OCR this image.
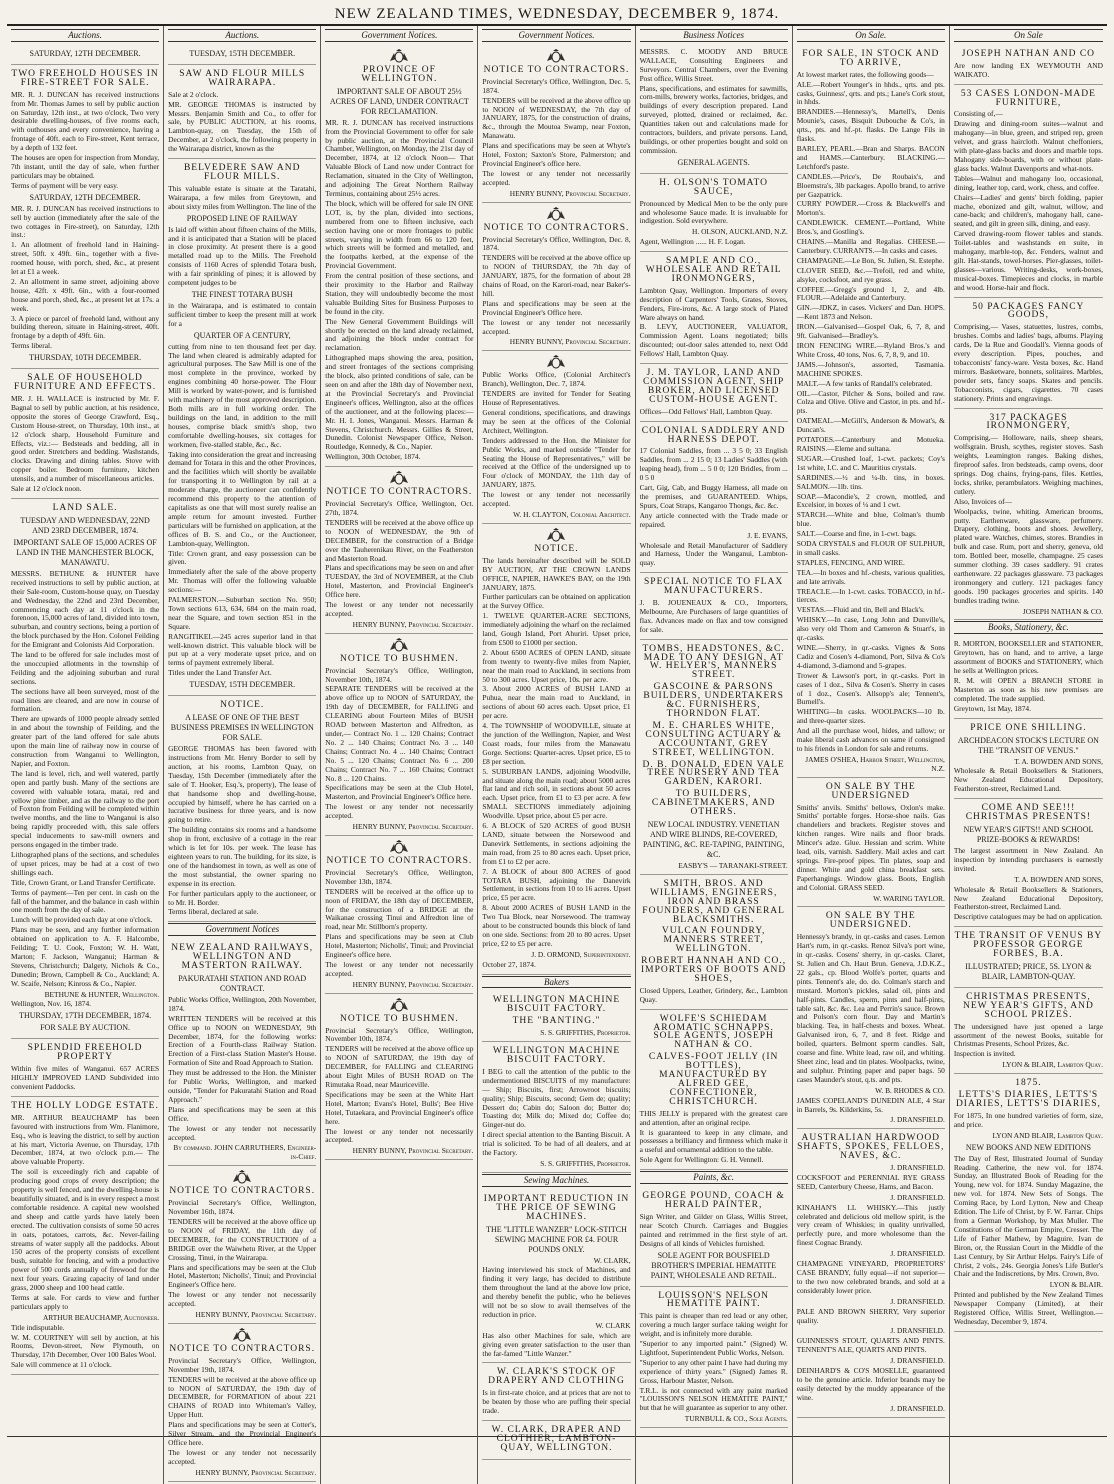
NEW ZEALAND TIMES, WEDNESDAY, DECEMBER 9, 1874.
Auctions.
SATURDAY, 12TH DECEMBER.
TWO FREEHOLD HOUSES IN FIRE-STREET FOR SALE.

MR. R. J. DUNCAN has received instructions from Mr. Thomas James to sell by public auction on Saturday, 12th inst., at two o'clock, Two very desirable dwelling-houses, of five rooms each, with outhouses and every convenience, having a frontage of 40ft. each to Fire-street, Kent terrace, by a depth of 132 feet.

The houses are open for inspection from Monday, 7th instant, until the day of sale, when further particulars may be obtained.

Terms of payment will be very easy.

SATURDAY, 12TH DECEMBER.

MR. R. J. DUNCAN has received instructions to sell by auction (immediately after the sale of the two cottages in Fire-street), on Saturday, 12th inst.:

1. An allotment of freehold land in Haining-street, 50ft. x 49ft. 6in., together with a five-roomed house, with porch, shed, &c., at present let at £1 a week.

2. An allotment in same street, adjoining above house, 42ft. x 49ft. 6in., with a four-roomed house and porch, shed, &c., at present let at 17s. a week.

3. A piece or parcel of freehold land, without any building thereon, situate in Haining-street, 40ft. frontage by a depth of 49ft. 6in.

Terms liberal.

THURSDAY, 10TH DECEMBER.
SALE OF HOUSEHOLD FURNITURE AND EFFECTS.

MR. J. H. WALLACE is instructed by Mr. F. Bagnal to sell by public auction, at his residence, opposite the stores of George Crawford, Esq., Custom House-street, on Thursday, 10th inst., at 12 o'clock sharp, Household Furniture and Effects, viz.:— Bedsteads and bedding, all in good order. Stretchers and bedding. Washstands, clocks. Drawing and dining tables. Stove with copper boiler. Bedroom furniture, kitchen utensils, and a number of miscellaneous articles.

Sale at 12 o'clock noon.

LAND SALE.
TUESDAY AND WEDNESDAY, 22ND AND 23RD DECEMBER, 1874.
IMPORTANT SALE OF 15,000 ACRES OF LAND IN THE MANCHESTER BLOCK, MANAWATU.

MESSRS. BETHUNE & HUNTER have received instructions to sell by public auction, at their Sale-room, Custom-house quay, on Tuesday and Wednesday, the 22nd and 23rd December, commencing each day at 11 o'clock in the forenoon, 15,000 acres of land, divided into town, suburban, and country sections, being a portion of the block purchased by the Hon. Colonel Feilding for the Emigrant and Colonists Aid Corporation.

The land to be offered for sale includes most of the unoccupied allotments in the township of Feilding and the adjoining suburban and rural sections.

The sections have all been surveyed, most of the road lines are cleared, and are now in course of formation.

There are upwards of 1000 people already settled in and about the township of Feilding, and the greater part of the land offered for sale abuts upon the main line of railway now in course of construction from Wanganui to Wellington, Napier, and Foxton.

The land is level, rich, and well watered, partly open and partly bush. Many of the sections are covered with valuable totara, matai, red and yellow pine timber, and as the railway to the port of Foxton from Feilding will be completed within twelve months, and the line to Wanganui is also being rapidly proceeded with, this sale offers special inducements to saw-mill owners and persons engaged in the timber trade.

Lithographed plans of the sections, and schedules of upset prices, may be had at a cost of two shillings each.

Title, Crown Grant, or Land Transfer Certificate.

Terms of payment—Ten per cent. in cash on the fall of the hammer, and the balance in cash within one month from the day of sale.

Lunch will be provided each day at one o'clock.

Plans may be seen, and any further information obtained on application to A. F. Halcombe, Feilding; T. U. Cook, Foxton; W. H. Watt, Marton; F. Jackson, Wanganui; Harman & Stevens, Christchurch; Dalgety, Nichols & Co., Dunedin; Brown, Campbell & Co., Auckland; A. W. Scaife, Nelson; Kinross & Co., Napier.

BETHUNE & HUNTER, Wellington.

Wellington, Nov. 16, 1874.

THURSDAY, 17TH DECEMBER, 1874.
FOR SALE BY AUCTION.
SPLENDID FREEHOLD PROPERTY

Within five miles of Wanganui. 657 ACRES HIGHLY IMPROVED LAND Subdivided into convenient Paddocks.

THE HOLLY LODGE ESTATE.

MR. ARTHUR BEAUCHAMP has been favoured with instructions from Wm. Flanimore, Esq., who is leaving the district, to sell by auction at his mart, Victoria Avenue, on Thursday, 17th December, 1874, at two o'clock p.m.— The above valuable Property.

The soil is exceedingly rich and capable of producing good crops of every description; the property is well fenced, and the dwelling-house is beautifully situated, and is in every respect a most comfortable residence. A capital new woolshed and sheep and cattle yards have lately been erected. The cultivation consists of some 50 acres in oats, potatoes, carrots, &c. Never-failing streams of water supply all the paddocks. About 150 acres of the property consists of excellent bush, suitable for fencing, and with a productive power of 500 cords annually of firewood for the next four years. Grazing capacity of land under grass, 2000 sheep and 100 head cattle.

Terms at sale. For cards to view and further particulars apply to

ARTHUR BEAUCHAMP, Auctioneer.

Title indisputable.

W. M. COURTNEY will sell by auction, at his Rooms, Devon-street, New Plymouth, on Thursday, 17th December, Over 100 Bales Wool.

Sale will commence at 11 o'clock.

Auctions.
TUESDAY, 15TH DECEMBER.
SAW AND FLOUR MILLS WAIRARAPA.

Sale at 2 o'clock.

MR. GEORGE THOMAS is instructed by Messrs. Benjamin Smith and Co., to offer for sale, by PUBLIC AUCTION, at his rooms, Lambton-quay, on Tuesday, the 15th of December, at 2 o'clock, the following property in the Wairarapa district, known as the

BELVEDERE SAW AND FLOUR MILLS.

This valuable estate is situate at the Taratahi, Wairarapa, a few miles from Greytown, and about sixty miles from Wellington. The line of the

PROPOSED LINE OF RAILWAY

Is laid off within about fifteen chains of the Mills, and it is anticipated that a Station will be placed in close proximity. At present there is a good metalled road up to the Mills. The Freehold consists of 1160 Acres of splendid Totara bush, with a fair sprinkling of pines; it is allowed by competent judges to be

THE FINEST TOTARA BUSH

in the Wairarapa, and is estimated to contain sufficient timber to keep the present mill at work for a

QUARTER OF A CENTURY,

cutting from nine to ten thousand feet per day. The land when cleared is admirably adapted for agricultural purposes. The Saw Mill is one of the most complete in the province, worked by engines combining 40 horse-power. The Flour Mill is worked by water-power, and is furnished with machinery of the most approved description. Both mills are in full working order. The buildings on the land, in addition to the mill houses, comprise black smith's shop, two comfortable dwelling-houses, six cottages for workmen, five-stalled stable, &c., &c.

Taking into consideration the great and increasing demand for Totara in this and the other Provinces, and the facilities which will shortly be available for transporting it to Wellington by rail at a moderate charge, the auctioneer can confidently recommend this property to the attention of capitalists as one that will most surely realise an ample return for amount invested. Further particulars will be furnished on application, at the offices of B. S. and Co., or the Auctioneer, Lambton-quay, Wellington.

Title: Crown grant, and easy possession can be given.

Immediately after the sale of the above property Mr. Thomas will offer the following valuable sections:—

PALMERSTON.—Suburban section No. 950; Town sections 613, 634, 684 on the main road, near the Square, and town section 851 in the Square.

RANGITIKEI.—245 acres superior land in that well-known district. This valuable block will be put up at a very moderate upset price, and on terms of payment extremely liberal.

Titles under the Land Transfer Act.

TUESDAY, 15TH DECEMBER.
NOTICE.
A LEASE OF ONE OF THE BEST BUSINESS PREMISES IN WELLINGTON FOR SALE.

GEORGE THOMAS has been favored with instructions from Mr. Henry Border to sell by auction, at his rooms, Lambton Quay, on Tuesday, 15th December (immediately after the sale of T. Hooker, Esq.'s, property), The lease of that handsome shop and dwelling-house, occupied by himself, where he has carried on a lucrative business for three years, and is now going to retire.

The building contains six rooms and a handsome shop in front, exclusive of a cottage in the rear which is let for 10s. per week. The lease has eighteen years to run. The building, for its size, is one of the handsomest in town, as well as one of the most substantial, the owner sparing no expense in its erection.

For further particulars apply to the auctioneer, or to Mr. H. Border.

Terms liberal, declared at sale.

Government Notices
NEW ZEALAND RAILWAYS, WELLINGTON AND MASTERTON RAILWAY.
PAKURATAHI STATION AND ROAD CONTRACT.

Public Works Office, Wellington, 20th November, 1874.

WRITTEN TENDERS will be received at this Office up to NOON on WEDNESDAY, 9th December, 1874, for the following works: Erection of a Fourth-class Railway Station. Erection of a First-class Station Master's House. Formation of Site and Road Approach to Station.

They must be addressed to the Hon. the Minister for Public Works, Wellington, and marked outside, "Tender for Pakuratahi Station and Road Approach."

Plans and specifications may be seen at this Office.

The lowest or any tender not necessarily accepted.

By command. JOHN CARRUTHERS, Engineer-in-Chief.
NOTICE TO CONTRACTORS.

Provincial Secretary's Office, Wellington, November 16th, 1874.

TENDERS will be received at the above office up to NOON of FRIDAY, the 11th day of DECEMBER, for the CONSTRUCTION of a BRIDGE over the Waiwhetu River, at the Upper Crossing, Tinui, in the Wairarapa.

Plans and specifications may be seen at the Club Hotel, Masterton; Nicholls', Tinui; and Provincial Engineer's Office here.

The lowest or any tender not necessarily accepted.

HENRY BUNNY, Provincial Secretary.
NOTICE TO CONTRACTORS.

Provincial Secretary's Office, Wellington, November 19th, 1874.

TENDERS will be received at the above office up to NOON of SATURDAY, the 19th day of DECEMBER, for FORMATION of about 221 CHAINS of ROAD into Whiteman's Valley, Upper Hutt.

Plans and specifications may be seen at Cotter's, Silver Stream, and the Provincial Engineer's Office here.

The lowest or any tender not necessarily accepted.

HENRY BUNNY, Provincial Secretary.
Government Notices.
PROVINCE OF WELLINGTON.
IMPORTANT SALE OF ABOUT 25½ ACRES OF LAND, UNDER CONTRACT FOR RECLAMATION.

MR. R. J. DUNCAN has received instructions from the Provincial Government to offer for sale by public auction, at the Provincial Council Chamber, Wellington, on Monday, the 21st day of December, 1874, at 12 o'clock Noon— That Valuable Block of Land now under Contract for Reclamation, situated in the City of Wellington, and adjoining The Great Northern Railway Terminus, containing about 25½ acres.

The block, which will be offered for sale IN ONE LOT, is, by the plan, divided into sections, numbered from one to fifteen inclusive, each section having one or more frontages to public streets, varying in width from 66 to 120 feet, which streets will be formed and metalled, and the footpaths kerbed, at the expense of the Provincial Government.

From the central position of these sections, and their proximity to the Harbor and Railway Station, they will undoubtedly become the most valuable Building Sites for Business Purposes to be found in the city.

The New General Government Buildings will shortly be erected on the land already reclaimed, and adjoining the block under contract for reclamation.

Lithographed maps showing the area, position, and street frontages of the sections comprising the block, also printed conditions of sale, can be seen on and after the 18th day of November next, at the Provincial Secretary's and Provincial Engineer's offices, Wellington, also at the offices of the auctioneer, and at the following places:— Mr. H. I. Jones, Wanganui. Messrs. Harman & Stevens, Christchurch. Messrs. Gillies & Street, Dunedin. Colonist Newspaper Office, Nelson. Routledge, Kennedy, & Co., Napier.

Wellington, 30th October, 1874.

NOTICE TO CONTRACTORS.

Provincial Secretary's Office, Wellington, Oct. 27th, 1874.

TENDERS will be received at the above office up to NOON of WEDNESDAY, the 9th of DECEMBER, for the construction of a Bridge over the Tauherenikau River, on the Featherston and Masterton Road.

Plans and specifications may be seen on and after TUESDAY, the 3rd of NOVEMBER, at the Club Hotel, Masterton, and Provincial Engineer's Office here.

The lowest or any tender not necessarily accepted.

HENRY BUNNY, Provincial Secretary.
NOTICE TO BUSHMEN.

Provincial Secretary's Office, Wellington, November 10th, 1874.

SEPARATE TENDERS will be received at the above office up to NOON of SATURDAY, the 19th day of DECEMBER, for FALLING and CLEARING about Fourteen Miles of BUSH ROAD between Masterton and Alfredton, as under,— Contract No. 1 ... 120 Chains; Contract No. 2 ... 140 Chains; Contract No. 3 ... 140 Chains; Contract No. 4 ... 140 Chains; Contract No. 5 ... 120 Chains; Contract No. 6 ... 200 Chains; Contract No. 7 ... 160 Chains; Contract No. 8 ... 120 Chains.

Specifications may be seen at the Club Hotel, Masterton, and Provincial Engineer's Office here.

The lowest or any tender not necessarily accepted.

HENRY BUNNY, Provincial Secretary.
NOTICE TO CONTRACTORS.

Provincial Secretary's Office, Wellington, November 13th, 1874.

TENDERS will be received at the office up to noon of FRIDAY, the 18th day of DECEMBER, for the construction of a BRIDGE at the Waikanae crossing Tinui and Alfredton line of road, near Mr. Stillborn's property.

Plans and specifications may be seen at Club Hotel, Masterton; Nicholls', Tinui; and Provincial Engineer's office here.

The lowest or any tender not necessarily accepted.

HENRY BUNNY, Provincial Secretary.
NOTICE TO BUSHMEN.

Provincial Secretary's Office, Wellington, November 10th, 1874.

TENDERS will be received at the above office up to NOON of SATURDAY, the 19th day of DECEMBER, for FALLING and CLEARING about Eight Miles of BUSH ROAD on The Rimutaka Road, near Mauriceville.

Specifications may be seen at the White Hart Hotel, Marton; Evans's Hotel, Bulls'; Bee Hive Hotel, Tutaekara, and Provincial Engineer's office here.

The lowest or any tender not necessarily accepted.

HENRY BUNNY, Provincial Secretary.
Government Notices.
NOTICE TO CONTRACTORS.

Provincial Secretary's Office, Wellington, Dec. 5, 1874.

TENDERS will be received at the above office up to NOON of WEDNESDAY, the 7th day of JANUARY, 1875, for the construction of drains, &c., through the Moutoa Swamp, near Foxton, Manawatu.

Plans and specifications may be seen at Whyte's Hotel, Foxton; Saxton's Store, Palmerston; and Provincial Engineer's office here.

The lowest or any tender not necessarily accepted.

HENRY BUNNY, Provincial Secretary.
NOTICE TO CONTRACTORS.

Provincial Secretary's Office, Wellington, Dec. 8, 1874.

TENDERS will be received at the above office up to NOON of THURSDAY, the 7th day of JANUARY, 1875, for the formation of about 28 chains of Road, on the Karori-road, near Baker's-hill.

Plans and specifications may be seen at the Provincial Engineer's Office here.

The lowest or any tender not necessarily accepted.

HENRY BUNNY, Provincial Secretary.

Public Works Office, (Colonial Architect's Branch), Wellington, Dec. 7, 1874.

TENDERS are invited for Tender for Seating House of Representatives.

General conditions, specifications, and drawings may be seen at the offices of the Colonial Architect, Wellington.

Tenders addressed to the Hon. the Minister for Public Works, and marked outside "Tender for Seating the House of Representatives," will be received at the Office of the undersigned up to Four o'clock of MONDAY, the 11th day of JANUARY, 1875.

The lowest or any tender not necessarily accepted.

W. H. CLAYTON, Colonial Architect.
NOTICE.

The lands hereinafter described will be SOLD BY AUCTION, AT THE CROWN LANDS OFFICE, NAPIER, HAWKE'S BAY, on the 19th JANUARY, 1875.

Further particulars can be obtained on application at the Survey Office.

1. TWELVE QUARTER-ACRE SECTIONS, immediately adjoining the wharf on the reclaimed land, Gough Island, Port Ahuriri. Upset price, from £500 to £1000 per section.

2. About 6500 ACRES of OPEN LAND, situate from twenty to twenty-five miles from Napier, near the main road to Auckland, in sections from 50 to 300 acres. Upset price, 10s. per acre.

3. About 2000 ACRES of BUSH LAND at Puhua, near the main road to Auckland, in sections of about 60 acres each. Upset price, £1 per acre.

4. The TOWNSHIP of WOODVILLE, situate at the junction of the Wellington, Napier, and West Coast roads, four miles from the Manawatu Gorge. Sections: Quarter-acres. Upset price, £5 to £8 per section.

5. SUBURBAN LANDS, adjoining Woodville, and situate along the main road; about 5000 acres flat land and rich soil, in sections about 50 acres each. Upset price, from £1 to £3 per acre. A few SMALL SECTIONS immediately adjoining Woodville. Upset price, about £5 per acre.

6. A BLOCK of 520 ACRES of good BUSH LAND, situate between the Norsewood and Danevirk Settlements, in sections adjoining the main road, from 25 to 80 acres each. Upset price, from £1 to £2 per acre.

7. A BLOCK of about 800 ACRES of good TOTARA BUSH, adjoining the Danevirk Settlement, in sections from 10 to 16 acres. Upset price, £5 per acre.

8. About 2000 ACRES of BUSH LAND in the Two Tua Block, near Norsewood. The tramway about to be constructed bounds this block of land on one side. Sections: from 20 to 80 acres. Upset price, £2 to £5 per acre.

J. D. ORMOND, Superintendent.

October 27, 1874.

Bakers
WELLINGTON MACHINE BISCUIT FACTORY.
THE "BANTING."
S. S. GRIFFITHS, Proprietor.
WELLINGTON MACHINE BISCUIT FACTORY.

I BEG to call the attention of the public to the undermentioned BISCUITS of my manufacture:— Ship; Biscuits, first; Arrowroot biscuits; quality; Ship; Biscuits, second; Gem de; quality; Dessert do; Cabin do; Saloon do; Butter do; Toasting do; Milk do; Mixed do; Coffee do; Ginger-nut do.

I direct special attention to the Banting Biscuit. A trial is solicited. To be had of all dealers, and at the Factory.

S. S. GRIFFITHS, Proprietor.
Sewing Machines.
IMPORTANT REDUCTION IN THE PRICE OF SEWING MACHINES.
THE "LITTLE WANZER" LOCK-STITCH SEWING MACHINE FOR £4. FOUR POUNDS ONLY.
W. CLARK,

Having interviewed his stock of Machines, and finding it very large, has decided to distribute them throughout the land at the above low price, and thereby benefit the public, who he believes will not be so slow to avail themselves of the reduction in price.

W. CLARK

Has also other Machines for sale, which are giving even greater satisfaction to the user than the far-famed "Little Wanzer."

W. CLARK'S STOCK OF DRAPERY AND CLOTHING

Is in first-rate choice, and at prices that are not to be beaten by those who are puffing their special trade.

W. CLARK, DRAPER AND CLOTHIER, LAMBTON-QUAY, WELLINGTON.
Business Notices

MESSRS. C. MOODY AND BRUCE WALLACE, Consulting Engineers and Surveyors. Central Chambers, over the Evening Post office, Willis Street.

Plans, specifications, and estimates for sawmills, corn-mills, brewery works, factories, bridges, and buildings of every description prepared. Land surveyed, plotted, drained or reclaimed, &c. Quantities taken out and calculations made for contractors, builders, and private persons. Land, buildings, or other properties bought and sold on commission.

GENERAL AGENTS.
H. OLSON'S TOMATO SAUCE,

Pronounced by Medical Men to be the only pure and wholesome Sauce made. It is invaluable for indigestion. Sold everywhere.

H. OLSON, AUCKLAND, N.Z.

Agent, Wellington ...... H. F. Logan.

SAMPLE AND CO., WHOLESALE AND RETAIL IRONMONGERS,

Lambton Quay, Wellington. Importers of every description of Carpenters' Tools, Grates, Stoves, Fenders, Fire-irons, &c. A large stock of Plated Ware always on hand.

B. LEVY, AUCTIONEER, VALUATOR, Commission Agent. Loans negotiated; bills discounted; out-door sales attended to, next Odd Fellows' Hall, Lambton Quay.

J. M. TAYLOR, LAND AND COMMISSION AGENT, SHIP BROKER, AND LICENSED CUSTOM-HOUSE AGENT.

Offices—Odd Fellows' Hall, Lambton Quay.

COLONIAL SADDLERY AND HARNESS DEPOT.

17 Colonial Saddles, from ... 3 5 0; 33 English Saddles, from ... 2 15 0; 13 Ladies' Saddles (with leaping head), from ... 5 0 0; 120 Bridles, from ... 0 5 0

Cart, Gig, Cab, and Buggy Harness, all made on the premises, and GUARANTEED. Whips, Spurs, Coat Straps, Kangaroo Thongs, &c. &c.

Any article connected with the Trade made or repaired.

J. E. EVANS,

Wholesale and Retail Manufacturer of Saddlery and Harness, Under the Wanganui, Lambton-quay.

SPECIAL NOTICE TO FLAX MANUFACTURERS.

J. B. JOUENEAUX & CO., Importers, Melbourne, Are Purchasers of large quantities of flax. Advances made on flax and tow consigned for sale.

TOMBS, HEADSTONES, &C. MADE TO ANY DESIGN, AT W. HELYER'S, MANNERS STREET.
GASCOINE & PARSONS BUILDERS, UNDERTAKERS &C. FURNISHERS, THORNDON FLAT.
M. E. CHARLES WHITE, CONSULTING ACTUARY & ACCOUNTANT, GREY STREET, WELLINGTON.
D. B. DONALD, EDEN VALE TREE NURSERY AND TEA GARDEN, KARORI.
TO BUILDERS, CABINETMAKERS, AND OTHERS.
NEW LOCAL INDUSTRY. VENETIAN AND WIRE BLINDS, RE-COVERED, PAINTING, &C. RE-TAPING, PAINTING, &C.
EASBY'S — TARANAKI-STREET.
SMITH, BROS. AND WILLIAMS, ENGINEERS, IRON AND BRASS FOUNDERS, AND GENERAL BLACKSMITHS.
VULCAN FOUNDRY, MANNERS STREET, WELLINGTON.
ROBERT HANNAH AND CO., IMPORTERS OF BOOTS AND SHOES,

Closed Uppers, Leather, Grindery, &c., Lambton Quay.

WOLFE'S SCHIEDAM AROMATIC SCHNAPPS. SOLE AGENTS, JOSEPH NATHAN & CO.
CALVES-FOOT JELLY (IN BOTTLES), MANUFACTURED BY ALFRED GEE, CONFECTIONER, CHRISTCHURCH.

THIS JELLY is prepared with the greatest care and attention, after an original recipe.

It is guaranteed to keep in any climate, and possesses a brilliancy and firmness which make it a useful and ornamental addition to the table.

Sole Agent for Wellington: G. H. Vennell.

Paints, &c.
GEORGE POUND, COACH & HERALD PAINTER,

Sign Writer, and Gilder on Glass, Willis Street, near Scotch Church. Carriages and Buggies painted and retrimmed in the first style of art. Designs of all kinds of Vehicles furnished.

SOLE AGENT FOR BOUSFIELD BROTHER'S IMPERIAL HEMATITE PAINT, WHOLESALE AND RETAIL.
LOUISSON'S NELSON HEMATITE PAINT.

This paint is cheaper than red lead or any other, covering a much larger surface taking weight for weight, and is infinitely more durable.

"Superior to any imported paint." (Signed) W. Lightfoot, Superintendent Public Works, Nelson.

"Superior to any other paint I have had during my experience of thirty years." (Signed) James R. Gross, Harbour Master, Nelson.

T.R.L. is not connected with any paint marked "LOUISSON'S NELSON HEMATITE PAINT," but that he will guarantee as superior to any other.

TURNBULL & CO., Sole Agents.
On Sale.
FOR SALE, IN STOCK AND TO ARRIVE,

At lowest market rates, the following goods—

ALE.—Robert Younger's in hhds., qrts. and pts. casks, Guinness', qrts. and pts.; Lane's Cork stout, in hhds.

BRANDIES.—Hennessy's, Martell's, Denis Mounie's, cases, Bisquit Dubouche & Co's, in qrts., pts. and hf.-pt. flasks. De Lange Fils in flasks.

BARLEY, PEARL.—Bran and Sharps. BACON and HAMS.—Canterbury. BLACKING.—Letchford's paste.

CANDLES.—Price's, De Roubaix's, and Bloemstra's, 3lb packages. Apollo brand, to arrive per Gazpatrick.

CURRY POWDER.—Cross & Blackwell's and Morton's.

CANDLEWICK. CEMENT.—Portland, White Bros.'s, and Gostling's.

CHAINS.—Manilla and Regalias. CHEESE.—Canterbury. CURRANTS.—In casks and cases.

CHAMPAGNE.—Le Bon, St. Julien, St. Estephe.

CLOVER SEED, &c.—Trefoil, red and white, alsyke, cocksfoot, and rye grass.

COFFEE.—Gregg's ground 1, 2, and 4lb. FLOUR.—Adelaide and Canterbury.

GIN.—JDKZ, in cases. Vickers' and Dan. HOPS.—Kent 1873 and Nelson.

IRON.—Galvanised—Gospel Oak, 6, 7, 8, and 9ft. Galvanised—Bradley's.

IRON FENCING WIRE.—Ryland Bros.'s and White Cross, 40 tons, Nos. 6, 7, 8, 9, and 10.

JAMS.—Johnson's, assorted, Tasmania. MACHINE SPOKES.

MALT.—A few tanks of Randall's celebrated.

OIL.—Castor, Pilcher & Sons, boiled and raw. Colza and Olive. Olive and Castor, in pts. and hf.-pts.

OATMEAL.—McGill's, Anderson & Mowat's, & Duncan's.

POTATOES.—Canterbury and Motueka. RAISINS.—Eleme and sultana.

SUGAR.—Crushed loaf, 1-cwt. packets; Coy's 1st white, I.C. and C. Mauritius crystals.

SARDINES.—½ and ¼-lb. tins, in boxes. SALMON.—1lb. tins.

SOAP.—Macondie's, 2 crown, mottled, and Excelsior, in boxes of ¼ and 1 cwt.

STARCH.—White and blue, Colman's thumb blue.

SALT.—Coarse and fine, in 1-cwt. bags.

SODA CRYSTALS and FLOUR OF SULPHUR, in small casks.

STAPLES, FENCING, AND WIRE.

TEA.—In boxes and hf.-chests, various qualities, and late arrivals.

TREACLE.—In 1-cwt. casks. TOBACCO, in hf.-tierces.

VESTAS.—Fluid and tin, Bell and Black's.

WHISKY.—In case, Long John and Dunville's, also very old Thom and Cameron & Stuart's, in qr.-casks.

WINE.—Sherry, in qr.-casks. Vignes & Sons Cadiz and Cosen's 4-diamond, Port, Silva & Co's 4-diamond, 3-diamond and 5-grapes.

Trower & Lawson's port, in qr.-casks. Port in cases of 1 doz., Silva & Cosen's. Sherry in cases of 1 doz., Cosen's. Allsopp's ale; Tennent's, Burnell's.

WHITING—In casks. WOOLPACKS—10 lb. and three-quarter sizes.

And all the purchase wool, hides, and tallow; or make liberal cash advances on same if consigned to his friends in London for sale and returns.

JAMES O'SHEA, Harbor Street, Wellington, N.Z.
ON SALE BY THE UNDERSIGNED

Smiths' anvils. Smiths' bellows, Oxlon's make. Smiths' portable forges. Horse-shoe nails. Gas chandeliers and brackets. Register stoves and kitchen ranges. Wire nails and floor brads. Mincer's adze. Glue. Hessian and scrim. White lead, oils, varnish. Saddlery. Mail axles and cart springs. Fire-proof pipes. Tin plates, soap and dinner. White and gold china breakfast sets. Paperhangings. Window glass. Boots, English and Colonial. GRASS SEED.

W. WARING TAYLOR.
ON SALE BY THE UNDERSIGNED.

Hennessy's brandy, in qr.-casks and cases. Lemon Hart's rum, in qr.-casks. Renoz Silva's port wine, in qr.-casks. Cosens' sherry, in qr.-casks. Claret, St. Julien and Ch. Haut Brun. Geneva, J.D.K.Z., 22 gals., cp. Blood Wolfe's porter, quarts and pints. Tennent's ale, do. do. Colman's starch and mustard. Morton's pickles, salad oil, pints and half-pints. Candles, sperm, pints and half-pints, table salt, &c. &c. Lea and Perrin's sauce. Brown and Polson's corn flour. Day and Martin's blacking. Tea, in half-chests and boxes. Wheat. Galvanised iron, 6, 7, and 8 feet. Ridge and boiled, quarters. Belmont sperm candles. Salt, coarse and fine. White lead, raw oil, and whiting. Sheet zinc, lead and tin plates. Woolpacks, twine, and sulphur. Printing paper and paper bags. 50 cases Maunder's stout, q.ts. and pts.

W. B. RHODES & CO.

JAMES COPELAND'S DUNEDIN ALE, 4 Star in Barrels, 9s. Kilderkins, 5s.

J. DRANSFIELD.
AUSTRALIAN HARDWOOD SHAFTS, SPOKES, FELLOES, NAVES, &C.
J. DRANSFIELD.

COCKSFOOT and PERENNIAL RYE GRASS SEED, Canterbury Cheese, Hams, and Bacon.

J. DRANSFIELD.

KINAHAN'S LL WHISKY.—This justly celebrated and delicious old mellow spirit, is the very cream of Whiskies; in quality unrivalled, perfectly pure, and more wholesome than the finest Cognac Brandy.

J. DRANSFIELD.

CHAMPAGNE VINEYARD, PROPRIETORS' CASE BRANDY, fully equal—if not superior—to the two now celebrated brands, and sold at a considerably lower price.

J. DRANSFIELD.

PALE AND BROWN SHERRY, Very superior quality.

J. DRANSFIELD.

GUINNESS'S STOUT, QUARTS AND PINTS. TENNENT'S ALE, QUARTS AND PINTS.

J. DRANSFIELD.

DEINHARD'S & CO'S MOSELLE, guaranteed to be the genuine article. Inferior brands may be easily detected by the muddy appearance of the wine.

J. DRANSFIELD.
On Sale
JOSEPH NATHAN AND CO

Are now landing EX WEYMOUTH AND WAIKATO.

53 CASES LONDON-MADE FURNITURE,

Consisting of,—

Drawing and dining-room suites—walnut and mahogany—in blue, green, and striped rep, green velvet, and grass haircloth. Walnut cheffoniers, with plate-glass backs and doors and marble tops. Mahogany side-boards, with or without plate-glass backs. Walnut Davenports and what-nots.

Tables—Walnut and mahogany loo, occasional, dining, leather top, card, work, chess, and coffee.

Chairs—Ladies' and gents' birch folding, papier mache, ebonized and gilt, walnut, willow, and cane-back; and children's, mahogany hall, cane-seated, and gilt in green silk, dining, and easy.

Carved drawing-room flower tables and stands. Toilet-tables and washstands en suite, in mahogany, marble-top, &c. Fenders, walnut and gilt. Hat-stands, towel-horses. Pier-glasses, toilet-glasses—various. Writing-desks, work-boxes, musical-boxes. Timepieces and clocks, in marble and wood. Horse-hair and flock.

50 PACKAGES FANCY GOODS,

Comprising,— Vases, statuettes, lustres, combs, brushes. Combs and ladies' bags, albums. Playing cards, De la Rue and Goodall's. Vienna goods of every description. Pipes, pouches, and tobacconists' fancy-ware. Vesta boxes, &c. Hand mirrors. Basketware, bonnets, solitaires. Marbles, powder sets, fancy soaps. Skates and pencils. Tobacconists, cigars, cigarettes. 70 cases stationery. Prints and engravings.

317 PACKAGES IRONMONGERY,

Comprising,— Holloware, nails, sheep shears, wolfsgrain. Brush, scythes, register stoves. Sash weights, Leamington ranges. Baking dishes, fireproof safes. Iron bedsteads, camp ovens, door springs. Dog chains, frying-pans, files. Kettles, locks, shrike, perambulators. Weighing machines, cutlery.

Also, Invoices of—

Woolpacks, twine, whiting. American brooms, putty. Earthenware, glassware, perfumery. Drapery, clothing, boots and shoes. Jewellery, plated ware. Watches, chimes, stores. Brandies in bulk and case. Rum, port and sherry, geneva, old tom. Bottled beer, moselle, champagne. 25 cases summer clothing. 39 cases saddlery. 91 crates earthenware. 22 packages glassware. 73 packages ironmongery and cutlery. 121 packages fancy goods. 190 packages groceries and spirits. 140 bundles trading twine.

JOSEPH NATHAN & CO.
Books, Stationery, &c.

R. MORTON, BOOKSELLER and STATIONER, Greytown, has on hand, and to arrive, a large assortment of BOOKS and STATIONERY, which he sells at Wellington prices.

R. M. will OPEN a BRANCH STORE in Masterton as soon as his new premises are completed. The trade supplied.

Greytown, 1st May, 1874.

PRICE ONE SHILLING.
ARCHDEACON STOCK'S LECTURE ON THE "TRANSIT OF VENUS."
T. A. BOWDEN AND SONS,

Wholesale & Retail Booksellers & Stationers, New Zealand Educational Depository, Featherston-street, Reclaimed Land.

COME AND SEE!!! CHRISTMAS PRESENTS!
NEW YEAR'S GIFTS!! AND SCHOOL PRIZE-BOOKS & REWARDS!

The largest assortment in New Zealand. An inspection by intending purchasers is earnestly invited.

T. A. BOWDEN AND SONS,

Wholesale & Retail Booksellers & Stationers, New Zealand Educational Depository, Featherston-street, Reclaimed Land.

Descriptive catalogues may be had on application.

THE TRANSIT OF VENUS BY PROFESSOR GEORGE FORBES, B.A.
ILLUSTRATED; PRICE, 5S. LYON & BLAIR, LAMBTON-QUAY.
CHRISTMAS PRESENTS, NEW YEAR'S GIFTS, AND SCHOOL PRIZES.

The undersigned have just opened a large assortment of the newest Books, suitable for Christmas Presents, School Prizes, &c.

Inspection is invited.

LYON & BLAIR, Lambton Quay.
1875.
LETTS'S DIARIES, LETTS'S DIARIES, LETTS'S DIARIES,

For 1875, In one hundred varieties of form, size, and price.

LYON AND BLAIR, Lambton Quay.
NEW BOOKS AND NEW EDITIONS

The Day of Rest, Illustrated Journal of Sunday Reading. Catherine, the new vol. for 1874. Sunday, an Illustrated Book of Reading for the Young, new vol. for 1874. Sunday Magazine, the new vol. for 1874. New Sets of Songs. The Coming Race, by Lord Lytton, New and Cheap Edition. The Life of Christ, by F. W. Farrar. Chips from a German Workshop, by Max Muller. The Constitutions of the German Empire, Cresser. The Life of Father Mathew, by Maguire. Ivan de Biron, or, the Russian Court in the Middle of the Last Century, by Sir Arthur Helps. Fairy's Life of Christ, 2 vols., 24s. Georgia Jones's Life Butler's Chair and the Indiscretions, by Mrs. Crown, 8vo.

LYON & BLAIR.

Printed and published by the New Zealand Times Newspaper Company (Limited), at their Registered Office, Willis Street, Wellington.—Wednesday, December 9, 1874.
